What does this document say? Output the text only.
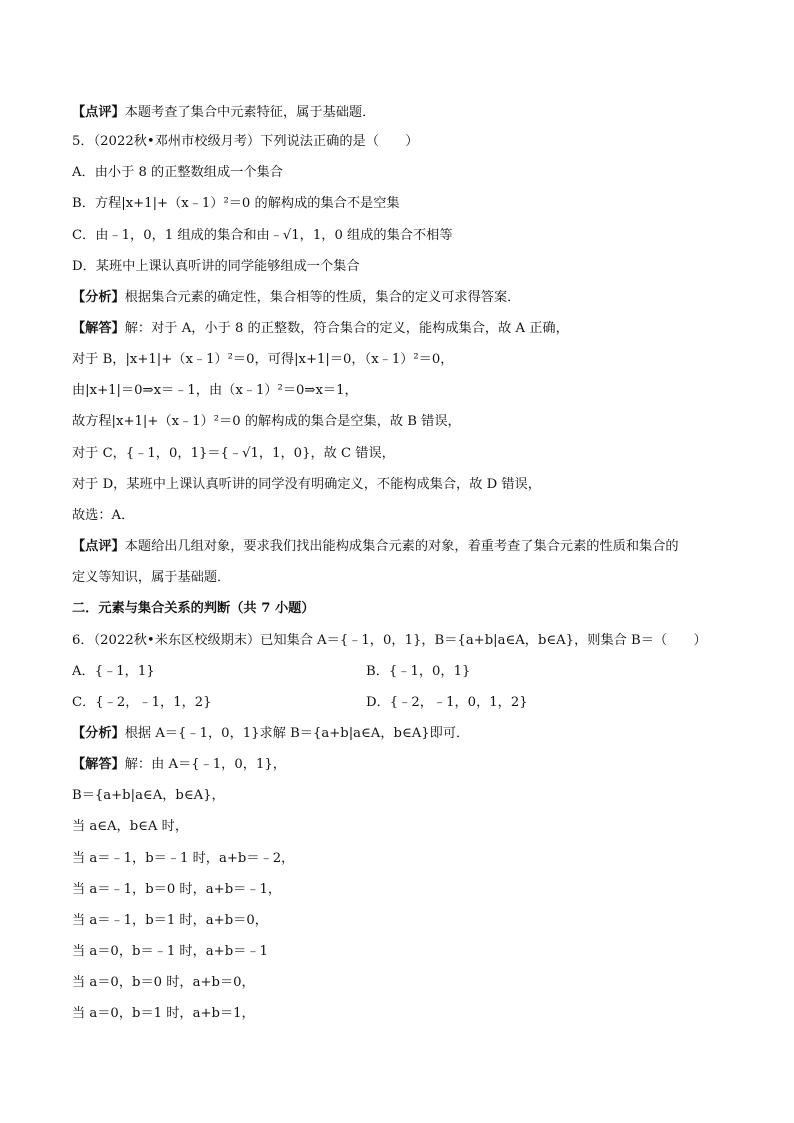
【点评】本题考查了集合中元素特征，属于基础题．
5．（2022秋•邓州市校级月考）下列说法正确的是（　　）
A．由小于 8 的正整数组成一个集合
B．方程|x+1|+（x﹣1）²＝0 的解构成的集合不是空集
C．由﹣1，0，1 组成的集合和由﹣√1，1，0 组成的集合不相等
D．某班中上课认真听讲的同学能够组成一个集合
【分析】根据集合元素的确定性，集合相等的性质，集合的定义可求得答案．
【解答】解：对于 A，小于 8 的正整数，符合集合的定义，能构成集合，故 A 正确，
对于 B，|x+1|+（x﹣1）²＝0，可得|x+1|＝0，（x﹣1）²＝0，
由|x+1|＝0⇒x＝﹣1，由（x﹣1）²＝0⇒x＝1，
故方程|x+1|+（x﹣1）²＝0 的解构成的集合是空集，故 B 错误，
对于 C，{﹣1，0，1}＝{﹣√1，1，0}，故 C 错误，
对于 D，某班中上课认真听讲的同学没有明确定义，不能构成集合，故 D 错误，
故选：A．
【点评】本题给出几组对象，要求我们找出能构成集合元素的对象，着重考查了集合元素的性质和集合的
定义等知识，属于基础题．
二．元素与集合关系的判断（共 7 小题）
6．（2022秋•米东区校级期末）已知集合 A＝{﹣1，0，1}，B＝{a+b|a∈A，b∈A}，则集合 B＝（　　）
A．{﹣1，1}	B．{﹣1，0，1}
C．{﹣2，﹣1，1，2}	D．{﹣2，﹣1，0，1，2}
【分析】根据 A＝{﹣1，0，1}求解 B＝{a+b|a∈A，b∈A}即可．
【解答】解：由 A＝{﹣1，0，1}，
B＝{a+b|a∈A，b∈A}，
当 a∈A，b∈A 时，
当 a＝﹣1，b＝﹣1 时，a+b＝﹣2，
当 a＝﹣1，b＝0 时，a+b＝﹣1，
当 a＝﹣1，b＝1 时，a+b＝0，
当 a＝0，b＝﹣1 时，a+b＝﹣1
当 a＝0，b＝0 时，a+b＝0，
当 a＝0，b＝1 时，a+b＝1，
